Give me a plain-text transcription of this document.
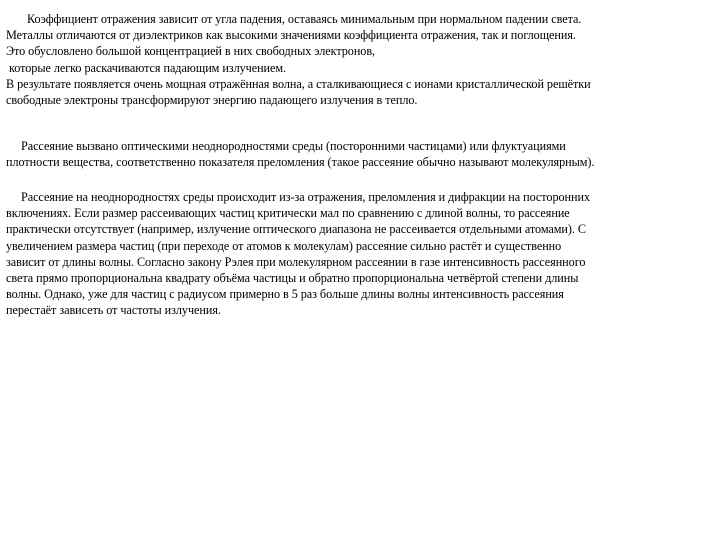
Коэффициент отражения зависит от угла падения, оставаясь минимальным при нормальном падении света.
Металлы отличаются от диэлектриков как высокими значениями коэффициента отражения, так и поглощения.
Это обусловлено большой концентрацией в них свободных электронов,
которые легко раскачиваются падающим излучением.
В результате появляется очень мощная отражённая волна, а сталкивающиеся с ионами кристаллической решётки
свободные электроны трансформируют энергию падающего излучения в тепло.
Рассеяние вызвано оптическими неоднородностями среды (посторонними частицами) или флуктуациями
плотности вещества, соответственно показателя преломления (такое рассеяние обычно называют молекулярным).
Рассеяние на неоднородностях среды происходит из-за отражения, преломления и дифракции на посторонних
включениях. Если размер рассеивающих частиц критически мал по сравнению с длиной волны, то рассеяние
практически отсутствует (например, излучение оптического диапазона не рассеивается отдельными атомами). С
увеличением размера частиц (при переходе от атомов к молекулам) рассеяние сильно растёт и существенно
зависит от длины волны. Согласно закону Рэлея при молекулярном рассеянии в газе интенсивность рассеянного
света прямо пропорциональна квадрату объёма частицы и обратно пропорциональна четвёртой степени длины
волны. Однако, уже для частиц с радиусом примерно в 5 раз больше длины волны интенсивность рассеяния
перестаёт зависеть от частоты излучения.
